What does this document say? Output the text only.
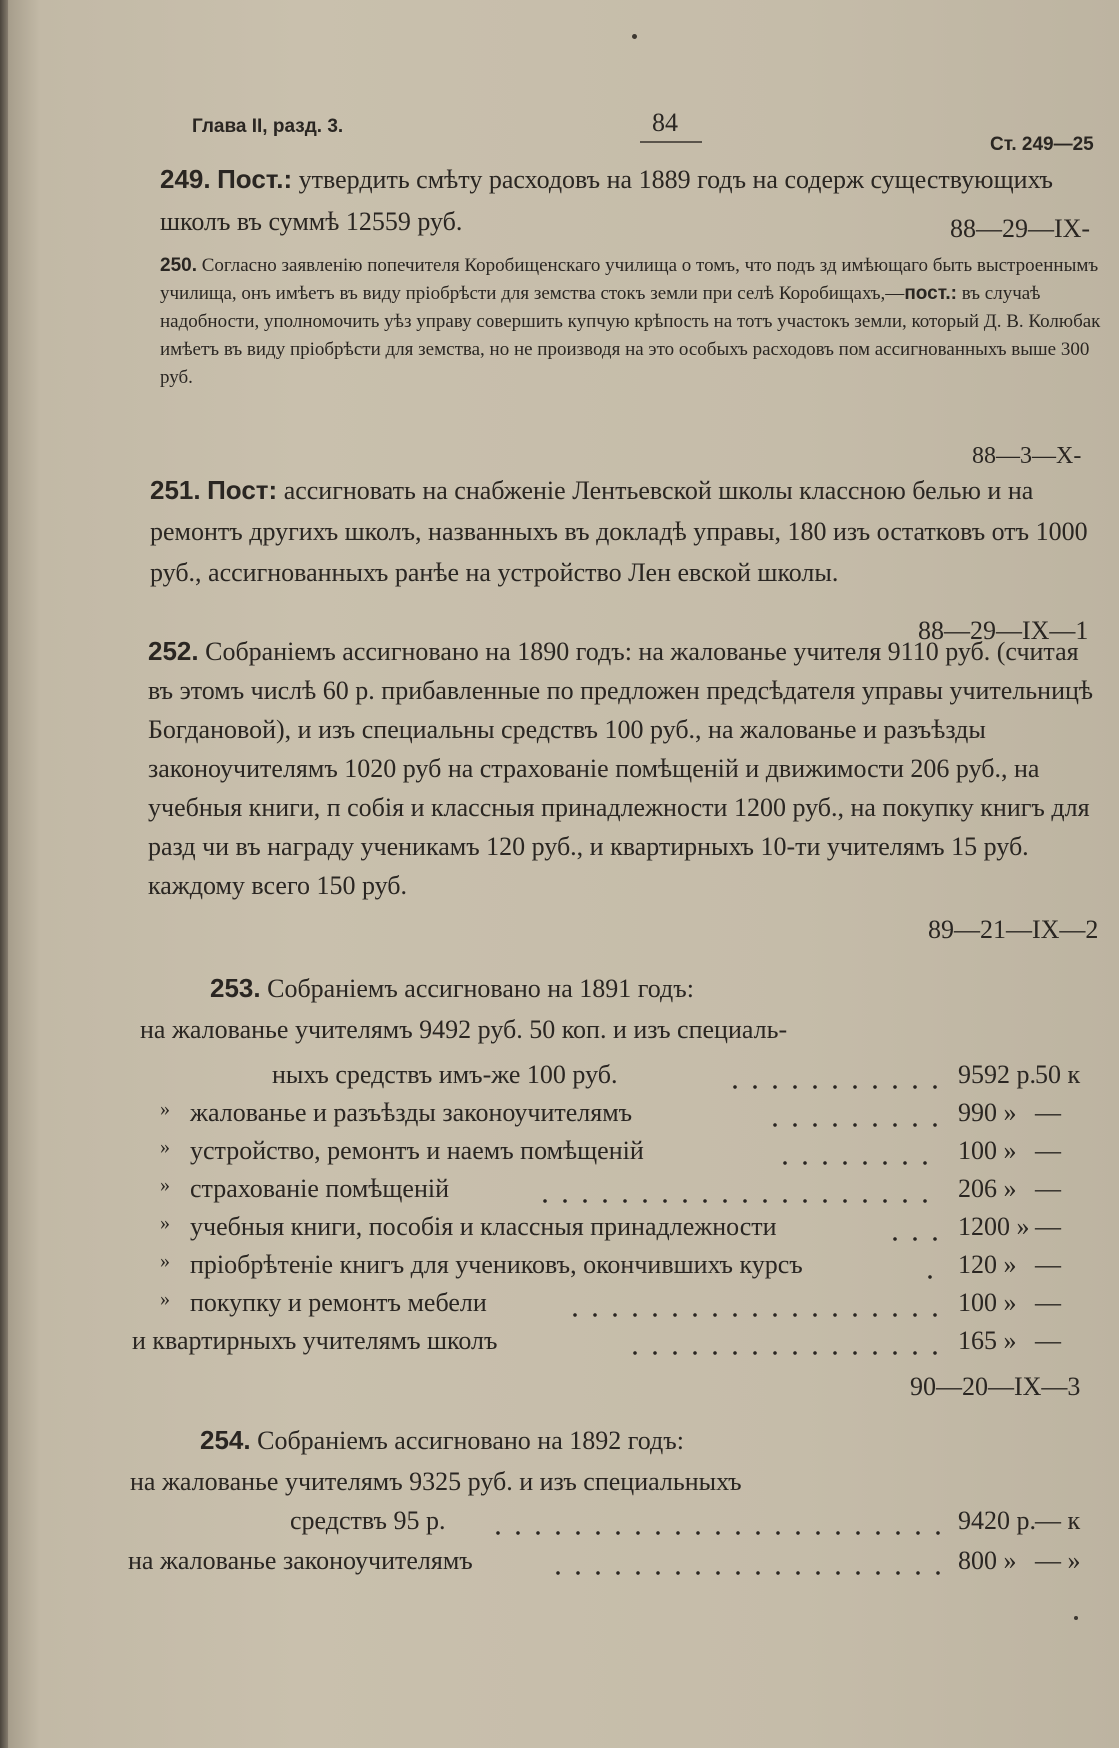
Глава II, разд. 3.	84
Ст. 249—25
249. Пост.: утвердить смѣту расходовъ на 1889 годъ на содерж существующихъ школъ въ суммѣ 12559 руб.	88—29—IX-
250. Согласно заявленію попечителя Коробищенскаго училища о томъ, что подъ зд имѣющаго быть выстроеннымъ училища, онъ имѣетъ въ виду пріобрѣсти для земства стокъ земли при селѣ Коробищахъ,—пост.: въ случаѣ надобности, уполномочить уѣз управу совершить купчую крѣпость на тотъ участокъ земли, который Д. В. Колюбак имѣетъ въ виду пріобрѣсти для земства, но не производя на это особыхъ расходовъ пом ассигнованныхъ выше 300 руб.
88—3—Х-
251. Пост: ассигновать на снабженіе Лентьевской школы классною белью и на ремонтъ другихъ школъ, названныхъ въ докладѣ управы, 180 изъ остатковъ отъ 1000 руб., ассигнованныхъ ранѣе на устройство Лен евской школы.
88—29—IX—1
252. Собраніемъ ассигновано на 1890 годъ: на жалованье учителя 9110 руб. (считая въ этомъ числѣ 60 р. прибавленные по предложен предсѣдателя управы учительницѣ Богдановой), и изъ специальны средствъ 100 руб., на жалованье и разъѣзды законоучителямъ 1020 руб на страхованіе помѣщеній и движимости 206 руб., на учебныя книги, п собія и классныя принадлежности 1200 руб., на покупку книгъ для разд чи въ награду ученикамъ 120 руб., и квартирныхъ 10-ти учителямъ 15 руб. каждому всего 150 руб.
89—21—IX—2
253. Собраніемъ ассигновано на 1891 годъ:
на жалованье учителямъ 9492 руб. 50 коп. и изъ специаль-
ныхъ средствъ имъ-же 100 руб.	9592 р. 50 к
» жалованье и разъѣзды законоучителямъ	990 » —
» устройство, ремонтъ и наемъ помѣщеній	100 » —
» страхованіе помѣщеній	206 » —
» учебныя книги, пособія и классныя принадлежности	1200 » —
» пріобрѣтеніе книгъ для учениковъ, окончившихъ курсъ	120 » —
» покупку и ремонтъ мебели	100 » —
и квартирныхъ учителямъ школъ	165 » —
90—20—IX—3
254. Собраніемъ ассигновано на 1892 годъ:
на жалованье учителямъ 9325 руб. и изъ специальныхъ
средствъ 95 р.	9420 р. — к
на жалованье законоучителямъ	800 » — »
